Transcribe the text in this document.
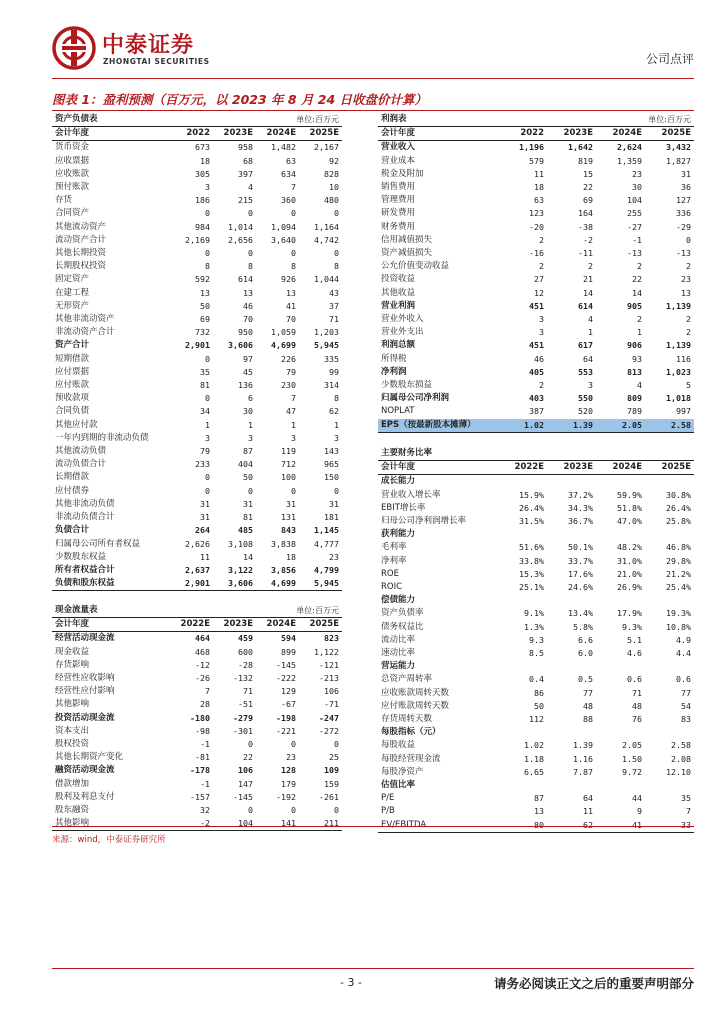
中泰证券
ZHONGTAI SECURITIES	公司点评
图表 1：盈利预测（百万元，以 2023 年 8 月 24 日收盘价计算）
资产负债表			单位:百万元	
会计年度	2022	2023E	2024E	2025E
货币资金	673	958	1,482	2,167
应收票据	18	68	63	92
应收账款	305	397	634	828
预付账款	3	4	7	10
存货	186	215	360	480
合同资产	0	0	0	0
其他流动资产	984	1,014	1,094	1,164
流动资产合计	2,169	2,656	3,640	4,742
其他长期投资	0	0	0	0
长期股权投资	8	8	8	8
固定资产	592	614	926	1,044
在建工程	13	13	13	43
无形资产	50	46	41	37
其他非流动资产	69	70	70	71
非流动资产合计	732	950	1,059	1,203
资产合计	2,901	3,606	4,699	5,945
短期借款	0	97	226	335
应付票据	35	45	79	99
应付账款	81	136	230	314
预收款项	0	6	7	8
合同负债	34	30	47	62
其他应付款	1	1	1	1
一年内到期的非流动负债	3	3	3	3
其他流动负债	79	87	119	143
流动负债合计	233	404	712	965
长期借款	0	50	100	150
应付债券	0	0	0	0
其他非流动负债	31	31	31	31
非流动负债合计	31	81	131	181
负债合计	264	485	843	1,145
归属母公司所有者权益	2,626	3,108	3,838	4,777
少数股东权益	11	14	18	23
所有者权益合计	2,637	3,122	3,856	4,799
负债和股东权益	2,901	3,606	4,699	5,945
现金流量表			单位:百万元	
会计年度	2022E	2023E	2024E	2025E
经营活动现金流	464	459	594	823
现金收益	468	600	899	1,122
存货影响	-12	-28	-145	-121
经营性应收影响	-26	-132	-222	-213
经营性应付影响	7	71	129	106
其他影响	28	-51	-67	-71
投资活动现金流	-180	-279	-198	-247
资本支出	-98	-301	-221	-272
股权投资	-1	0	0	0
其他长期资产变化	-81	22	23	25
融资活动现金流	-178	106	128	109
借款增加	-1	147	179	159
股利及利息支付	-157	-145	-192	-261
股东融资	32	0	0	0
其他影响	-2	104	141	211
利润表			单位:百万元	
会计年度	2022	2023E	2024E	2025E
营业收入	1,196	1,642	2,624	3,432
营业成本	579	819	1,359	1,827
税金及附加	11	15	23	31
销售费用	18	22	30	36
管理费用	63	69	104	127
研发费用	123	164	255	336
财务费用	-20	-38	-27	-29
信用减值损失	2	-2	-1	0
资产减值损失	-16	-11	-13	-13
公允价值变动收益	2	2	2	2
投资收益	27	21	22	23
其他收益	12	14	14	13
营业利润	451	614	905	1,139
营业外收入	3	4	2	2
营业外支出	3	1	1	2
利润总额	451	617	906	1,139
所得税	46	64	93	116
净利润	405	553	813	1,023
少数股东损益	2	3	4	5
归属母公司净利润	403	550	809	1,018
NOPLAT	387	520	789	997
EPS（按最新股本摊薄）	1.02	1.39	2.05	2.58
主要财务比率				
会计年度	2022E	2023E	2024E	2025E
成长能力				
营业收入增长率	15.9%	37.2%	59.9%	30.8%
EBIT增长率	26.4%	34.3%	51.8%	26.4%
归母公司净利润增长率	31.5%	36.7%	47.0%	25.8%
获利能力				
毛利率	51.6%	50.1%	48.2%	46.8%
净利率	33.8%	33.7%	31.0%	29.8%
ROE	15.3%	17.6%	21.0%	21.2%
ROIC	25.1%	24.6%	26.9%	25.4%
偿债能力				
资产负债率	9.1%	13.4%	17.9%	19.3%
债务权益比	1.3%	5.8%	9.3%	10.8%
流动比率	9.3	6.6	5.1	4.9
速动比率	8.5	6.0	4.6	4.4
营运能力				
总资产周转率	0.4	0.5	0.6	0.6
应收账款周转天数	86	77	71	77
应付账款周转天数	50	48	48	54
存货周转天数	112	88	76	83
每股指标（元）				
每股收益	1.02	1.39	2.05	2.58
每股经营现金流	1.18	1.16	1.50	2.08
每股净资产	6.65	7.87	9.72	12.10
估值比率				
P/E	87	64	44	35
P/B	13	11	9	7
EV/EBITDA	80	62	41	33
来源：wind，中泰证券研究所
- 3 -	请务必阅读正文之后的重要声明部分
